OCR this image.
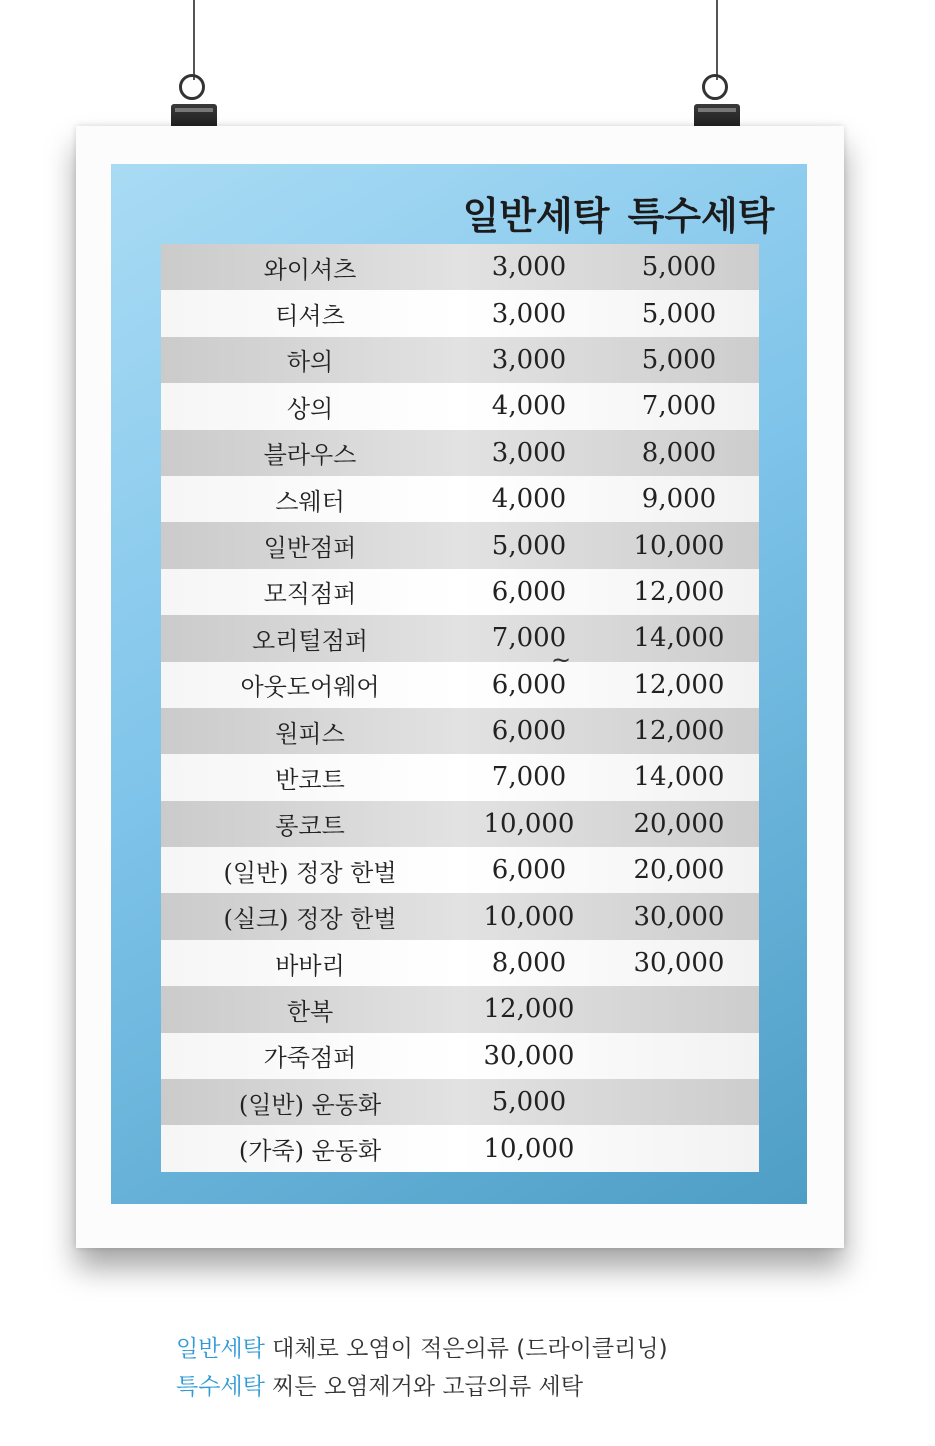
일반세탁 특수세탁
와이셔츠	3,000	5,000
티셔츠	3,000	5,000
하의	3,000	5,000
상의	4,000	7,000
블라우스	3,000	8,000
스웨터	4,000	9,000
일반점퍼	5,000	10,000
모직점퍼	6,000	12,000
오리털점퍼	7,000	14,000
아웃도어웨어	6,000	12,000
원피스	6,000	12,000
반코트	7,000	14,000
롱코트	10,000	20,000
(일반) 정장 한벌	6,000	20,000
(실크) 정장 한벌	10,000	30,000
바바리	8,000	30,000
한복	12,000
가죽점퍼	30,000
(일반) 운동화	5,000
(가죽) 운동화	10,000
~
일반세탁 대체로 오염이 적은의류 (드라이클리닝)
특수세탁 찌든 오염제거와 고급의류 세탁
